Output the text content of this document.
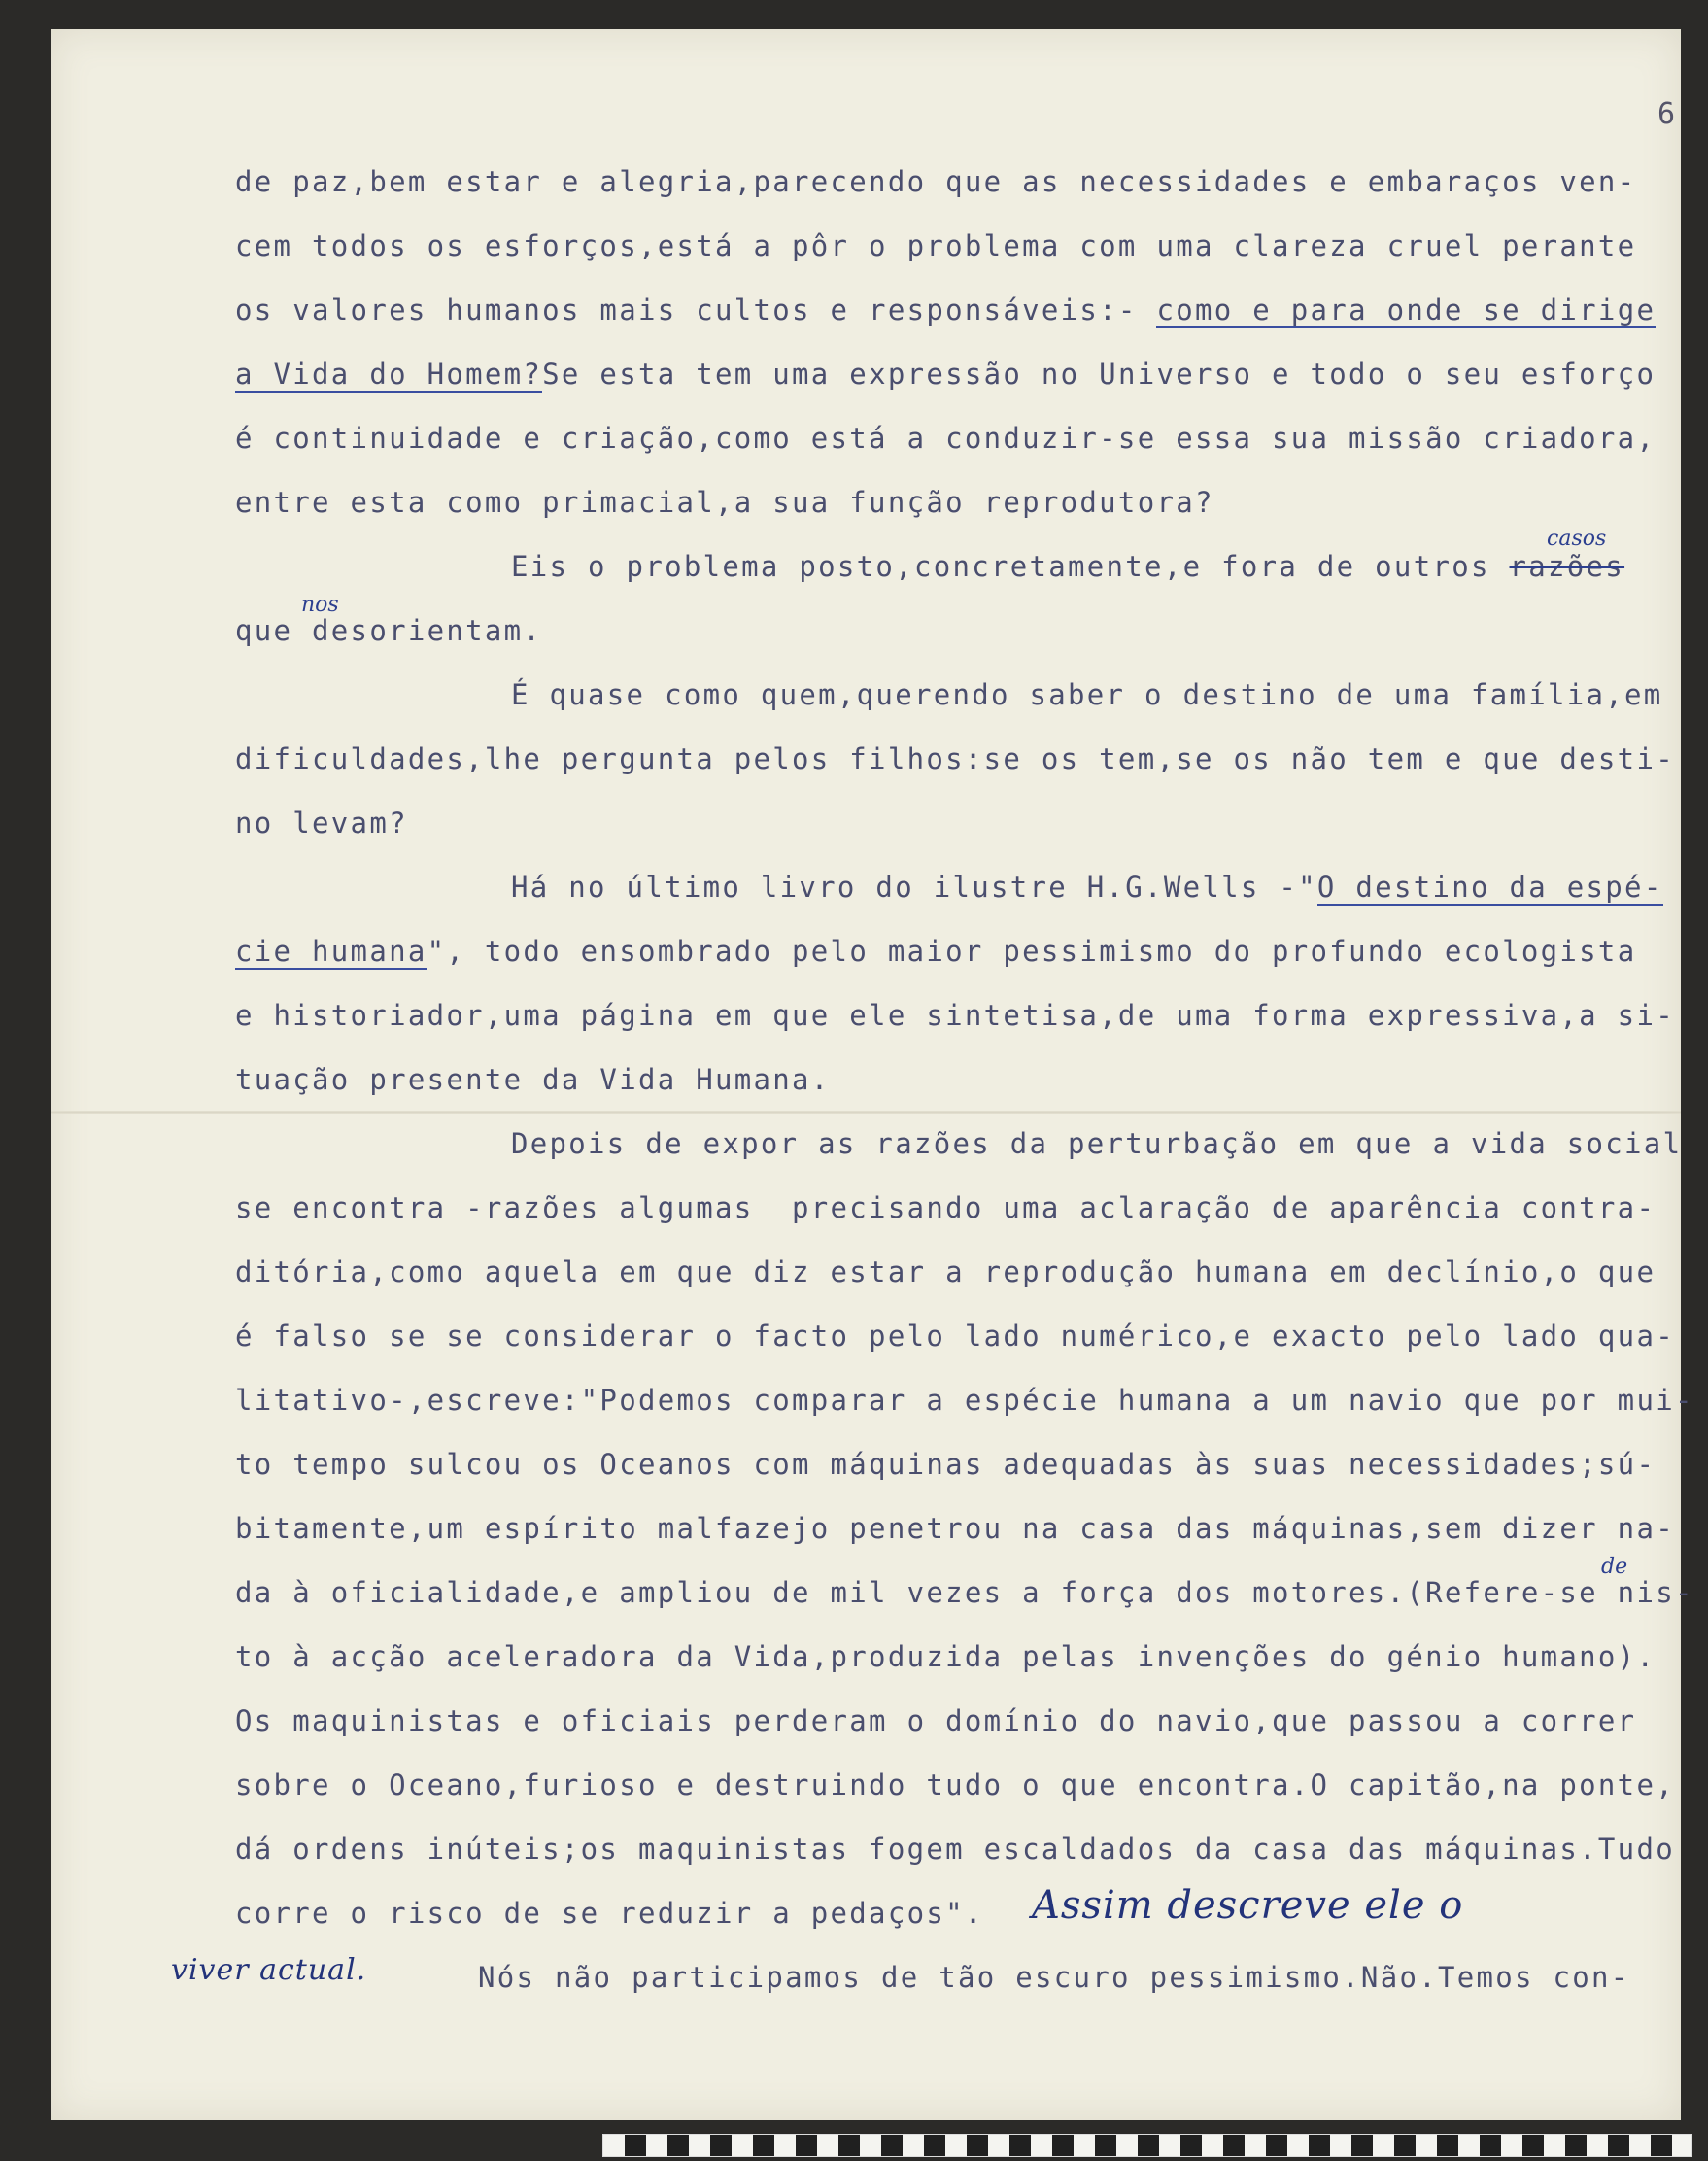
6
de paz,bem estar e alegria,parecendo que as necessidades e embaraços ven-
cem todos os esforços,está a pôr o problema com uma clareza cruel perante
os valores humanos mais cultos e responsáveis:- como e para onde se dirige
a Vida do Homem?Se esta tem uma expressão no Universo e todo o seu esforço
é continuidade e criação,como está a conduzir-se essa sua missão criadora,
entre esta como primacial,a sua função reprodutora?
Eis o problema posto,concretamente,e fora de outros razões
que desorientam.
É quase como quem,querendo saber o destino de uma família,em
dificuldades,lhe pergunta pelos filhos:se os tem,se os não tem e que desti-
no levam?
Há no último livro do ilustre H.G.Wells -"O destino da espé-
cie humana", todo ensombrado pelo maior pessimismo do profundo ecologista
e historiador,uma página em que ele sintetisa,de uma forma expressiva,a si-
tuação presente da Vida Humana.
Depois de expor as razões da perturbação em que a vida social
se encontra -razões algumas  precisando uma aclaração de aparência contra-
ditória,como aquela em que diz estar a reprodução humana em declínio,o que
é falso se se considerar o facto pelo lado numérico,e exacto pelo lado qua-
litativo-,escreve:"Podemos comparar a espécie humana a um navio que por mui-
to tempo sulcou os Oceanos com máquinas adequadas às suas necessidades;sú-
bitamente,um espírito malfazejo penetrou na casa das máquinas,sem dizer na-
da à oficialidade,e ampliou de mil vezes a força dos motores.(Refere-se nis-
to à acção aceleradora da Vida,produzida pelas invenções do génio humano).
Os maquinistas e oficiais perderam o domínio do navio,que passou a correr
sobre o Oceano,furioso e destruindo tudo o que encontra.O capitão,na ponte,
dá ordens inúteis;os maquinistas fogem escaldados da casa das máquinas.Tudo
corre o risco de se reduzir a pedaços".
Nós não participamos de tão escuro pessimismo.Não.Temos con-
casos
nos
de
Assim descreve ele o
viver actual.
